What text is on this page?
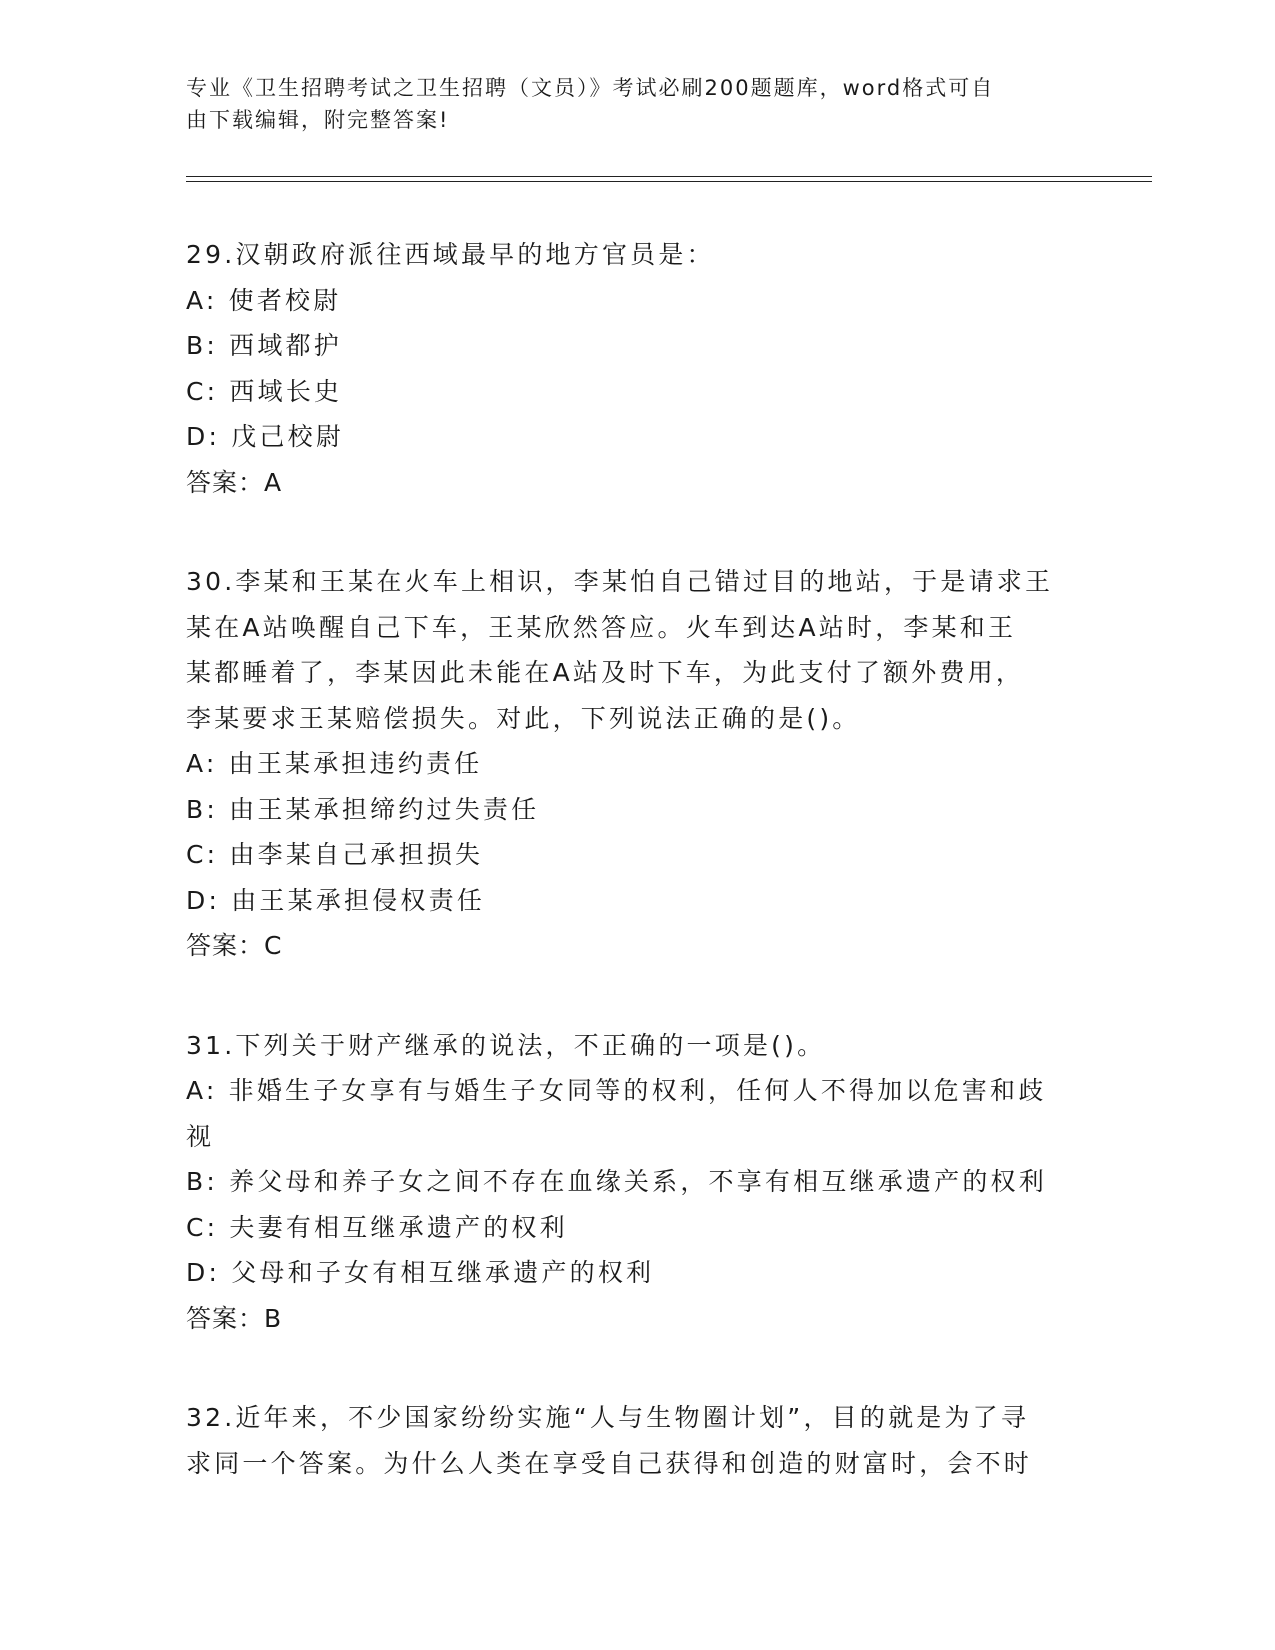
专业《卫生招聘考试之卫生招聘（文员）》考试必刷200题题库，word格式可自
由下载编辑，附完整答案!
29.汉朝政府派往西域最早的地方官员是：
A: 使者校尉
B: 西域都护
C: 西域长史
D: 戊己校尉
答案：A
30.李某和王某在火车上相识，李某怕自己错过目的地站，于是请求王
某在A站唤醒自己下车，王某欣然答应。火车到达A站时，李某和王
某都睡着了，李某因此未能在A站及时下车，为此支付了额外费用，
李某要求王某赔偿损失。对此，下列说法正确的是()。
A: 由王某承担违约责任
B: 由王某承担缔约过失责任
C: 由李某自己承担损失
D: 由王某承担侵权责任
答案：C
31.下列关于财产继承的说法，不正确的一项是()。
A: 非婚生子女享有与婚生子女同等的权利，任何人不得加以危害和歧
视
B: 养父母和养子女之间不存在血缘关系，不享有相互继承遗产的权利
C: 夫妻有相互继承遗产的权利
D: 父母和子女有相互继承遗产的权利
答案：B
32.近年来，不少国家纷纷实施“人与生物圈计划”，目的就是为了寻
求同一个答案。为什么人类在享受自己获得和创造的财富时，会不时
